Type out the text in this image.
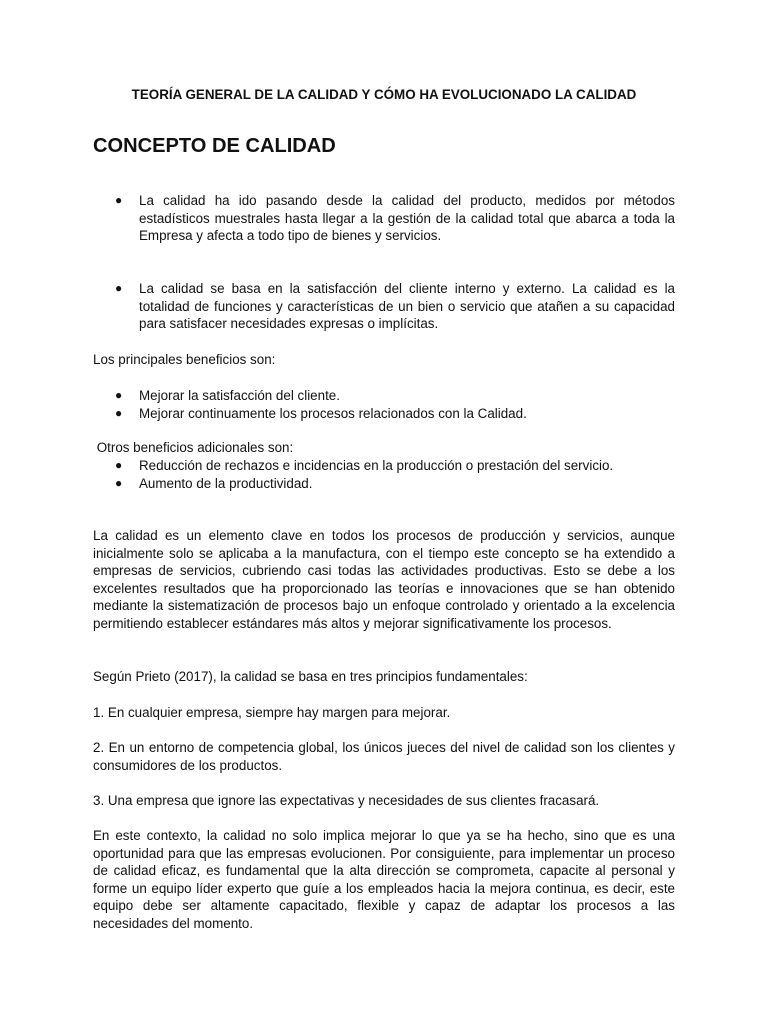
TEORÍA GENERAL DE LA CALIDAD Y CÓMO HA EVOLUCIONADO LA CALIDAD
CONCEPTO DE CALIDAD
● La calidad ha ido pasando desde la calidad del producto, medidos por métodos estadísticos muestrales hasta llegar a la gestión de la calidad total que abarca a toda la Empresa y afecta a todo tipo de bienes y servicios.
● La calidad se basa en la satisfacción del cliente interno y externo. La calidad es la totalidad de funciones y características de un bien o servicio que atañen a su capacidad para satisfacer necesidades expresas o implícitas.

Los principales beneficios son:

● Mejorar la satisfacción del cliente.
● Mejorar continuamente los procesos relacionados con la Calidad.

Otros beneficios adicionales son:

● Reducción de rechazos e incidencias en la producción o prestación del servicio.
● Aumento de la productividad.

La calidad es un elemento clave en todos los procesos de producción y servicios, aunque inicialmente solo se aplicaba a la manufactura, con el tiempo este concepto se ha extendido a empresas de servicios, cubriendo casi todas las actividades productivas. Esto se debe a los excelentes resultados que ha proporcionado las teorías e innovaciones que se han obtenido mediante la sistematización de procesos bajo un enfoque controlado y orientado a la excelencia permitiendo establecer estándares más altos y mejorar significativamente los procesos.

Según Prieto (2017), la calidad se basa en tres principios fundamentales:

1. En cualquier empresa, siempre hay margen para mejorar.

2. En un entorno de competencia global, los únicos jueces del nivel de calidad son los clientes y consumidores de los productos.

3. Una empresa que ignore las expectativas y necesidades de sus clientes fracasará.

En este contexto, la calidad no solo implica mejorar lo que ya se ha hecho, sino que es una oportunidad para que las empresas evolucionen. Por consiguiente, para implementar un proceso de calidad eficaz, es fundamental que la alta dirección se comprometa, capacite al personal y forme un equipo líder experto que guíe a los empleados hacia la mejora continua, es decir, este equipo debe ser altamente capacitado, flexible y capaz de adaptar los procesos a las necesidades del momento.
